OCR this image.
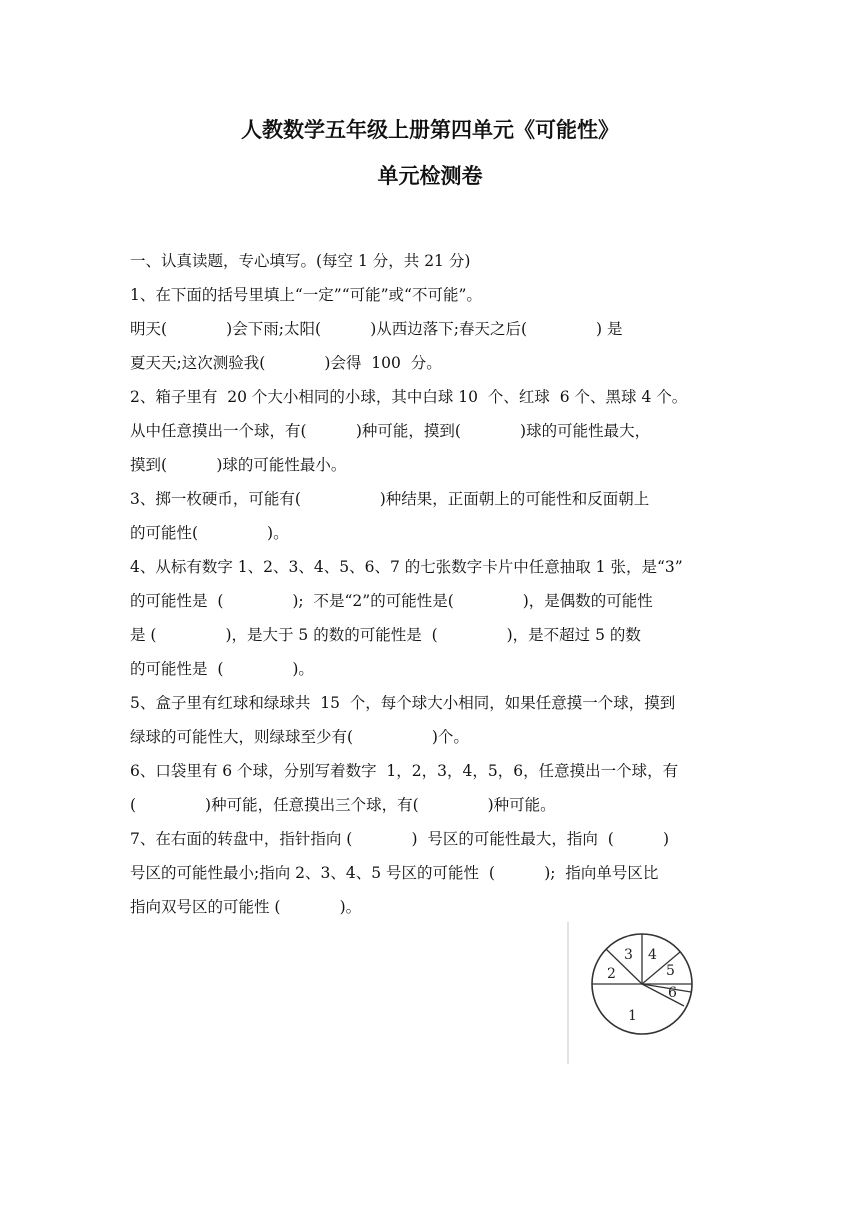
人教数学五年级上册第四单元《可能性》
单元检测卷
一、认真读题，专心填写。(每空 1 分，共 21 分)
1、在下面的括号里填上“一定”“可能”或“不可能”。
明天(            )会下雨;太阳(          )从西边落下;春天之后(              ) 是
夏天天;这次测验我(            )会得  100  分。
2、箱子里有  20 个大小相同的小球，其中白球 10  个、红球  6 个、黑球 4 个。
从中任意摸出一个球，有(          )种可能，摸到(            )球的可能性最大，
摸到(          )球的可能性最小。
3、掷一枚硬币，可能有(                )种结果，正面朝上的可能性和反面朝上
的可能性(              )。
4、从标有数字 1、2、3、4、5、6、7 的七张数字卡片中任意抽取 1 张，是“3”
的可能性是  (              );  不是“2”的可能性是(              )，是偶数的可能性
是 (              )，是大于 5 的数的可能性是  (              )，是不超过 5 的数
的可能性是  (              )。
5、盒子里有红球和绿球共  15  个，每个球大小相同，如果任意摸一个球，摸到
绿球的可能性大，则绿球至少有(                )个。
6、口袋里有 6 个球，分别写着数字  1，2，3，4，5，6，任意摸出一个球，有
(              )种可能，任意摸出三个球，有(              )种可能。
7、在右面的转盘中，指针指向 (            )  号区的可能性最大，指向  (          )
号区的可能性最小;指向 2、3、4、5 号区的可能性  (          );  指向单号区比
指向双号区的可能性 (            )。
1
2
3 4
5
6
